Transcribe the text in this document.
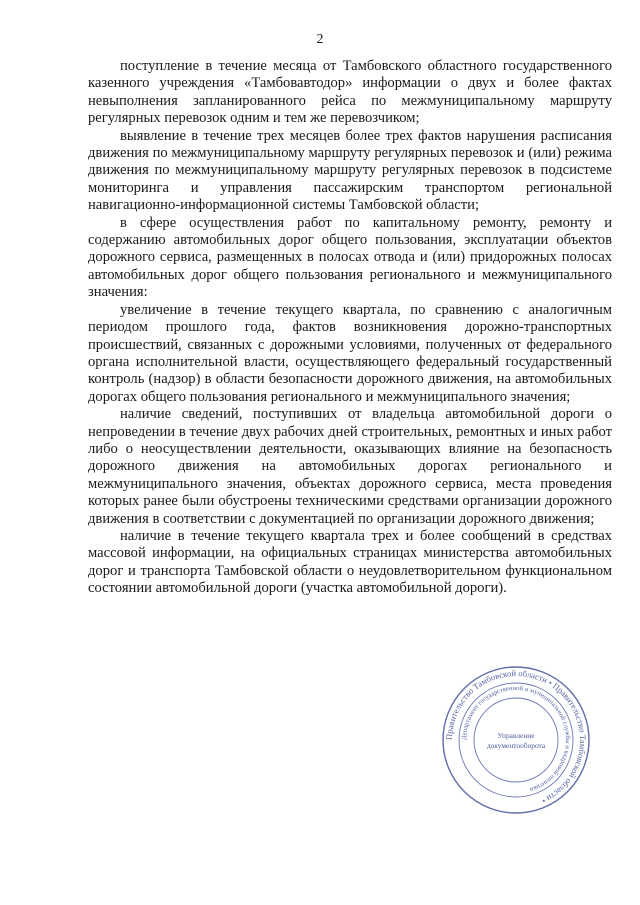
2

поступление в течение месяца от Тамбовского областного государственного казенного учреждения «Тамбовавтодор» информации о двух и более фактах невыполнения запланированного рейса по межмуниципальному маршруту регулярных перевозок одним и тем же перевозчиком;

выявление в течение трех месяцев более трех фактов нарушения расписания движения по межмуниципальному маршруту регулярных перевозок и (или) режима движения по межмуниципальному маршруту регулярных перевозок в подсистеме мониторинга и управления пассажирским транспортом региональной навигационно-информационной системы Тамбовской области;

в сфере осуществления работ по капитальному ремонту, ремонту и содержанию автомобильных дорог общего пользования, эксплуатации объектов дорожного сервиса, размещенных в полосах отвода и (или) придорожных полосах автомобильных дорог общего пользования регионального и межмуниципального значения:

увеличение в течение текущего квартала, по сравнению с аналогичным периодом прошлого года, фактов возникновения дорожно-транспортных происшествий, связанных с дорожными условиями, полученных от федерального органа исполнительной власти, осуществляющего федеральный государственный контроль (надзор) в области безопасности дорожного движения, на автомобильных дорогах общего пользования регионального и межмуниципального значения;

наличие сведений, поступивших от владельца автомобильной дороги о непроведении в течение двух рабочих дней строительных, ремонтных и иных работ либо о неосуществлении деятельности, оказывающих влияние на безопасность дорожного движения на автомобильных дорогах регионального и межмуниципального значения, объектах дорожного сервиса, места проведения которых ранее были обустроены техническими средствами организации дорожного движения в соответствии с документацией по организации дорожного движения;

наличие в течение текущего квартала трех и более сообщений в средствах массовой информации, на официальных страницах министерства автомобильных дорог и транспорта Тамбовской области о неудовлетворительном функциональном состоянии автомобильной дороги (участка автомобильной дороги).

Правительство Тамбовской области • Правительство Тамбовской области •
Департамент государственной и муниципальной службы и кадровой политики
Управление
документооборота
